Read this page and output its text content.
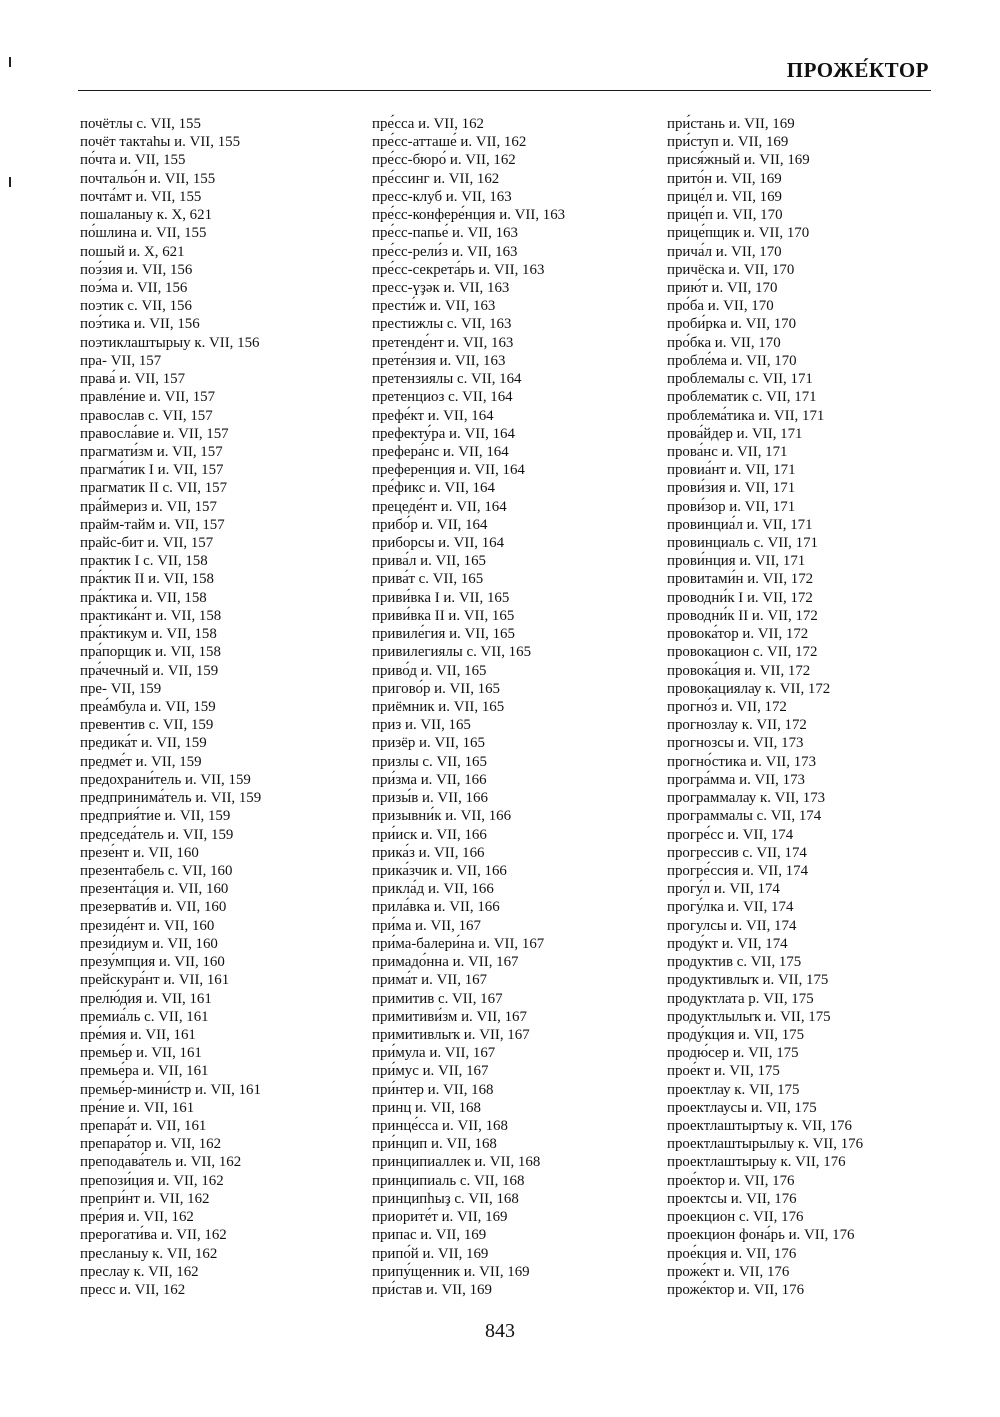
ПРОЖЕ́КТОР
почётлы с. VII, 155
почёт тактаhы и. VII, 155
по́чта и. VII, 155
почтальо́н и. VII, 155
почта́мт и. VII, 155
пошаланыу к. X, 621
по́шлина и. VII, 155
пошый и. X, 621
поэ́зия и. VII, 156
поэ́ма и. VII, 156
поэтик с. VII, 156
поэ́тика и. VII, 156
поэтиклаштырыу к. VII, 156
пра- VII, 157
права́ и. VII, 157
правле́ние и. VII, 157
православ с. VII, 157
правосла́вие и. VII, 157
прагмати́зм и. VII, 157
прагма́тик I и. VII, 157
прагматик II с. VII, 157
пра́ймериз и. VII, 157
прайм-тайм и. VII, 157
прайс-бит и. VII, 157
практик I с. VII, 158
пра́ктик II и. VII, 158
пра́ктика и. VII, 158
практика́нт и. VII, 158
пра́ктикум и. VII, 158
пра́порщик и. VII, 158
пра́чечный и. VII, 159
пре- VII, 159
преа́мбула и. VII, 159
превентив с. VII, 159
предика́т и. VII, 159
предме́т и. VII, 159
предохрани́тель и. VII, 159
предпринима́тель и. VII, 159
предприя́тие и. VII, 159
председа́тель и. VII, 159
презе́нт и. VII, 160
презентабель с. VII, 160
презента́ция и. VII, 160
презервати́в и. VII, 160
президе́нт и. VII, 160
прези́диум и. VII, 160
презу́мпция и. VII, 160
прейскура́нт и. VII, 161
прелю́дия и. VII, 161
премиа́ль с. VII, 161
пре́мия и. VII, 161
премье́р и. VII, 161
премье́ра и. VII, 161
премье́р-мини́стр и. VII, 161
пре́ние и. VII, 161
препара́т и. VII, 161
препара́тор и. VII, 162
преподава́тель и. VII, 162
препози́ция и. VII, 162
препри́нт и. VII, 162
пре́рия и. VII, 162
прерогати́ва и. VII, 162
пресланыу к. VII, 162
преслау к. VII, 162
пресс и. VII, 162
пре́сса и. VII, 162
пре́сс-атташе́ и. VII, 162
пре́сс-бюро́ и. VII, 162
пре́ссинг и. VII, 162
пресс-клуб и. VII, 163
пре́сс-конфере́нция и. VII, 163
пре́сс-папье́ и. VII, 163
пре́сс-рели́з и. VII, 163
пре́сс-секрета́рь и. VII, 163
пресс-үҙәк и. VII, 163
прести́ж и. VII, 163
престижлы с. VII, 163
претенде́нт и. VII, 163
прете́нзия и. VII, 163
претензиялы с. VII, 164
претенциоз с. VII, 164
префе́кт и. VII, 164
префекту́ра и. VII, 164
префера́нс и. VII, 164
преференция и. VII, 164
пре́фикс и. VII, 164
прецеде́нт и. VII, 164
прибо́р и. VII, 164
приборсы и. VII, 164
прива́л и. VII, 165
прива́т с. VII, 165
приви́вка I и. VII, 165
приви́вка II и. VII, 165
привиле́гия и. VII, 165
привилегиялы с. VII, 165
приво́д и. VII, 165
пригово́р и. VII, 165
приёмник и. VII, 165
приз и. VII, 165
призёр и. VII, 165
призлы с. VII, 165
при́зма и. VII, 166
призы́в и. VII, 166
призывни́к и. VII, 166
при́иск и. VII, 166
прика́з и. VII, 166
прика́зчик и. VII, 166
прикла́д и. VII, 166
прила́вка и. VII, 166
при́ма и. VII, 167
при́ма-балери́на и. VII, 167
примадо́нна и. VII, 167
прима́т и. VII, 167
примитив с. VII, 167
примитиви́зм и. VII, 167
примитивлыҡ и. VII, 167
при́мула и. VII, 167
при́мус и. VII, 167
при́нтер и. VII, 168
принц и. VII, 168
принце́сса и. VII, 168
при́нцип и. VII, 168
принципиаллек и. VII, 168
принципиаль с. VII, 168
принципһыҙ с. VII, 168
приорите́т и. VII, 169
припас и. VII, 169
припо́й и. VII, 169
припу́щенник и. VII, 169
при́став и. VII, 169
при́стань и. VII, 169
при́ступ и. VII, 169
прися́жный и. VII, 169
прито́н и. VII, 169
прице́л и. VII, 169
прице́п и. VII, 170
прице́пщик и. VII, 170
прича́л и. VII, 170
причёска и. VII, 170
прию́т и. VII, 170
про́ба и. VII, 170
проби́рка и. VII, 170
про́бка и. VII, 170
пробле́ма и. VII, 170
проблемалы с. VII, 171
проблематик с. VII, 171
проблема́тика и. VII, 171
прова́йдер и. VII, 171
прова́нс и. VII, 171
провиа́нт и. VII, 171
прови́зия и. VII, 171
прови́зор и. VII, 171
провинциа́л и. VII, 171
провинциаль с. VII, 171
прови́нция и. VII, 171
провитами́н и. VII, 172
проводни́к I и. VII, 172
проводни́к II и. VII, 172
провока́тор и. VII, 172
провокацион с. VII, 172
провока́ция и. VII, 172
провокациялау к. VII, 172
прогно́з и. VII, 172
прогнозлау к. VII, 172
прогнозсы и. VII, 173
прогно́стика и. VII, 173
програ́мма и. VII, 173
программалау к. VII, 173
программалы с. VII, 174
прогре́сс и. VII, 174
прогрессив с. VII, 174
прогре́ссия и. VII, 174
прогу́л и. VII, 174
прогу́лка и. VII, 174
прогулсы и. VII, 174
проду́кт и. VII, 174
продуктив с. VII, 175
продуктивлыҡ и. VII, 175
продуктлата р. VII, 175
продуктлылыҡ и. VII, 175
проду́кция и. VII, 175
продю́сер и. VII, 175
прое́кт и. VII, 175
проектлау к. VII, 175
проектлаусы и. VII, 175
проектлаштыртыу к. VII, 176
проектлаштырылыу к. VII, 176
проектлаштырыу к. VII, 176
прое́ктор и. VII, 176
проектсы и. VII, 176
проекцион с. VII, 176
проекцион фона́рь и. VII, 176
прое́кция и. VII, 176
проже́кт и. VII, 176
проже́ктор и. VII, 176
843
